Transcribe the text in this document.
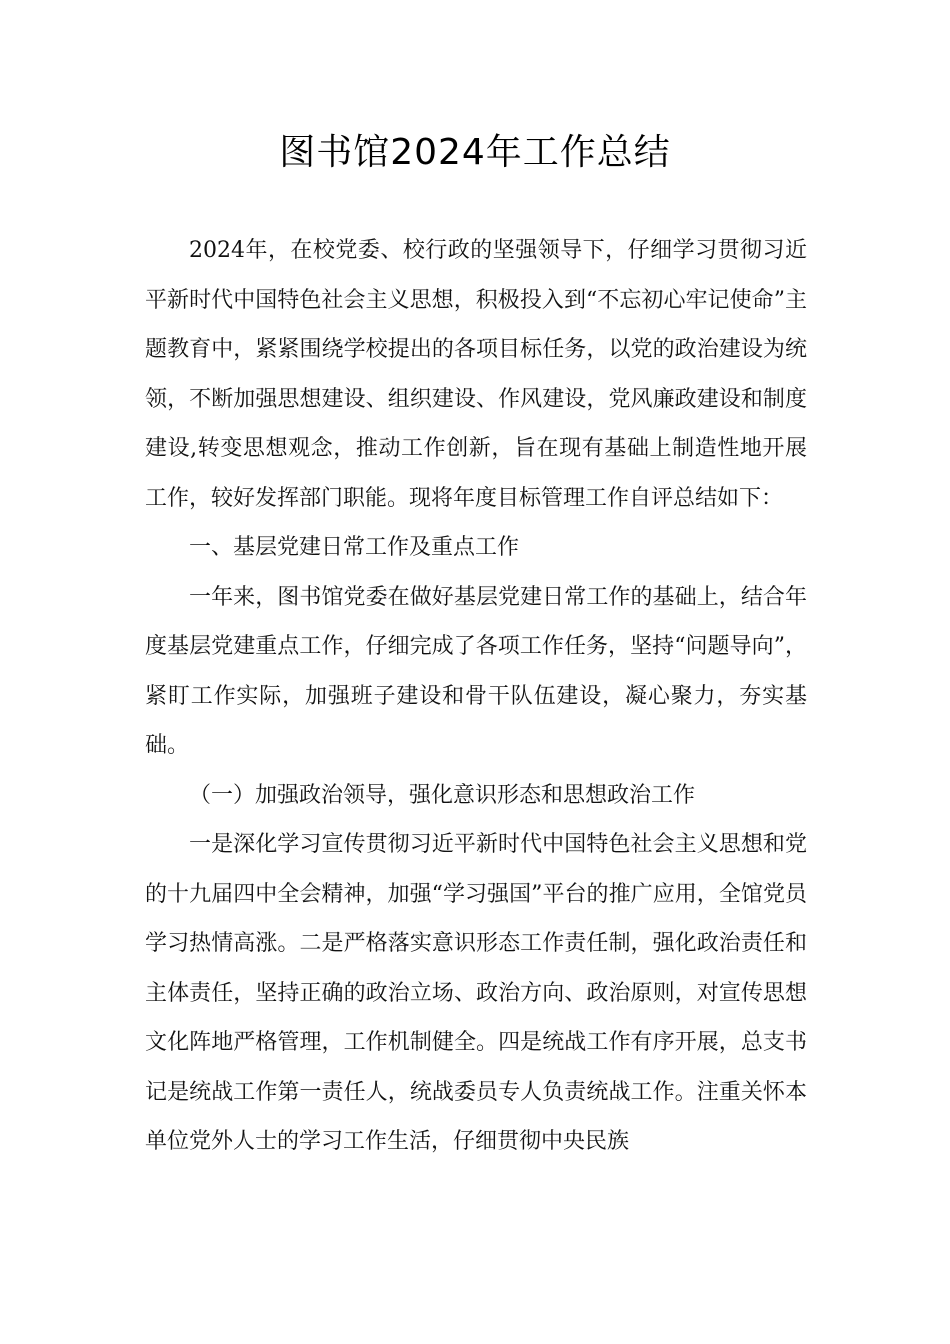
图书馆2024年工作总结

2024年，在校党委、校行政的坚强领导下，仔细学习贯彻习近平新时代中国特色社会主义思想，积极投入到“不忘初心牢记使命”主题教育中，紧紧围绕学校提出的各项目标任务，以党的政治建设为统领，不断加强思想建设、组织建设、作风建设，党风廉政建设和制度建设,转变思想观念，推动工作创新，旨在现有基础上制造性地开展工作，较好发挥部门职能。现将年度目标管理工作自评总结如下：

一、基层党建日常工作及重点工作

一年来，图书馆党委在做好基层党建日常工作的基础上，结合年度基层党建重点工作，仔细完成了各项工作任务，坚持“问题导向”，紧盯工作实际，加强班子建设和骨干队伍建设，凝心聚力，夯实基础。

（一）加强政治领导，强化意识形态和思想政治工作

一是深化学习宣传贯彻习近平新时代中国特色社会主义思想和党的十九届四中全会精神，加强“学习强国”平台的推广应用，全馆党员学习热情高涨。二是严格落实意识形态工作责任制，强化政治责任和主体责任，坚持正确的政治立场、政治方向、政治原则，对宣传思想文化阵地严格管理，工作机制健全。四是统战工作有序开展，总支书记是统战工作第一责任人，统战委员专人负责统战工作。注重关怀本单位党外人士的学习工作生活，仔细贯彻中央民族
